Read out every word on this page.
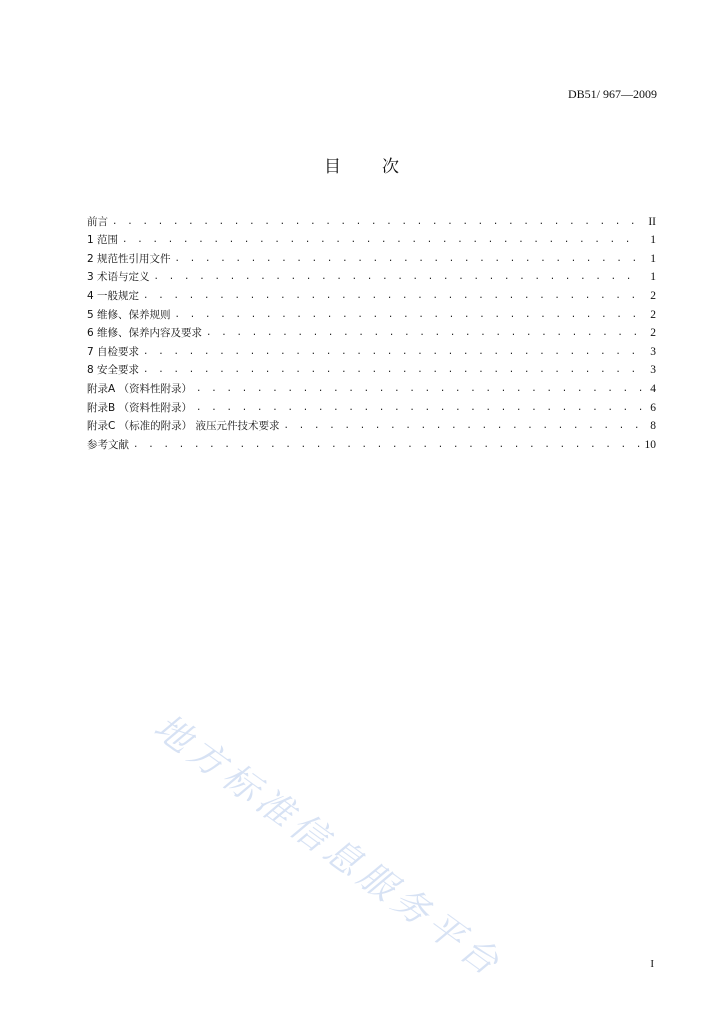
DB51/ 967—2009
目 次
前言 . . .	II
1 范围 . . .	1
2 规范性引用文件 . . .	1
3 术语与定义 . . .	1
4 一般规定 . . .	2
5 维修、保养规则 . . .	2
6 维修、保养内容及要求 . . .	2
7 自检要求 . . .	3
8 安全要求 . . .	3
附录A （资料性附录） . . .	4
附录B （资料性附录） . . .	6
附录C （标准的附录） 液压元件技术要求 . . .	8
参考文献 . . .	10
地方标准信息服务平台	I
